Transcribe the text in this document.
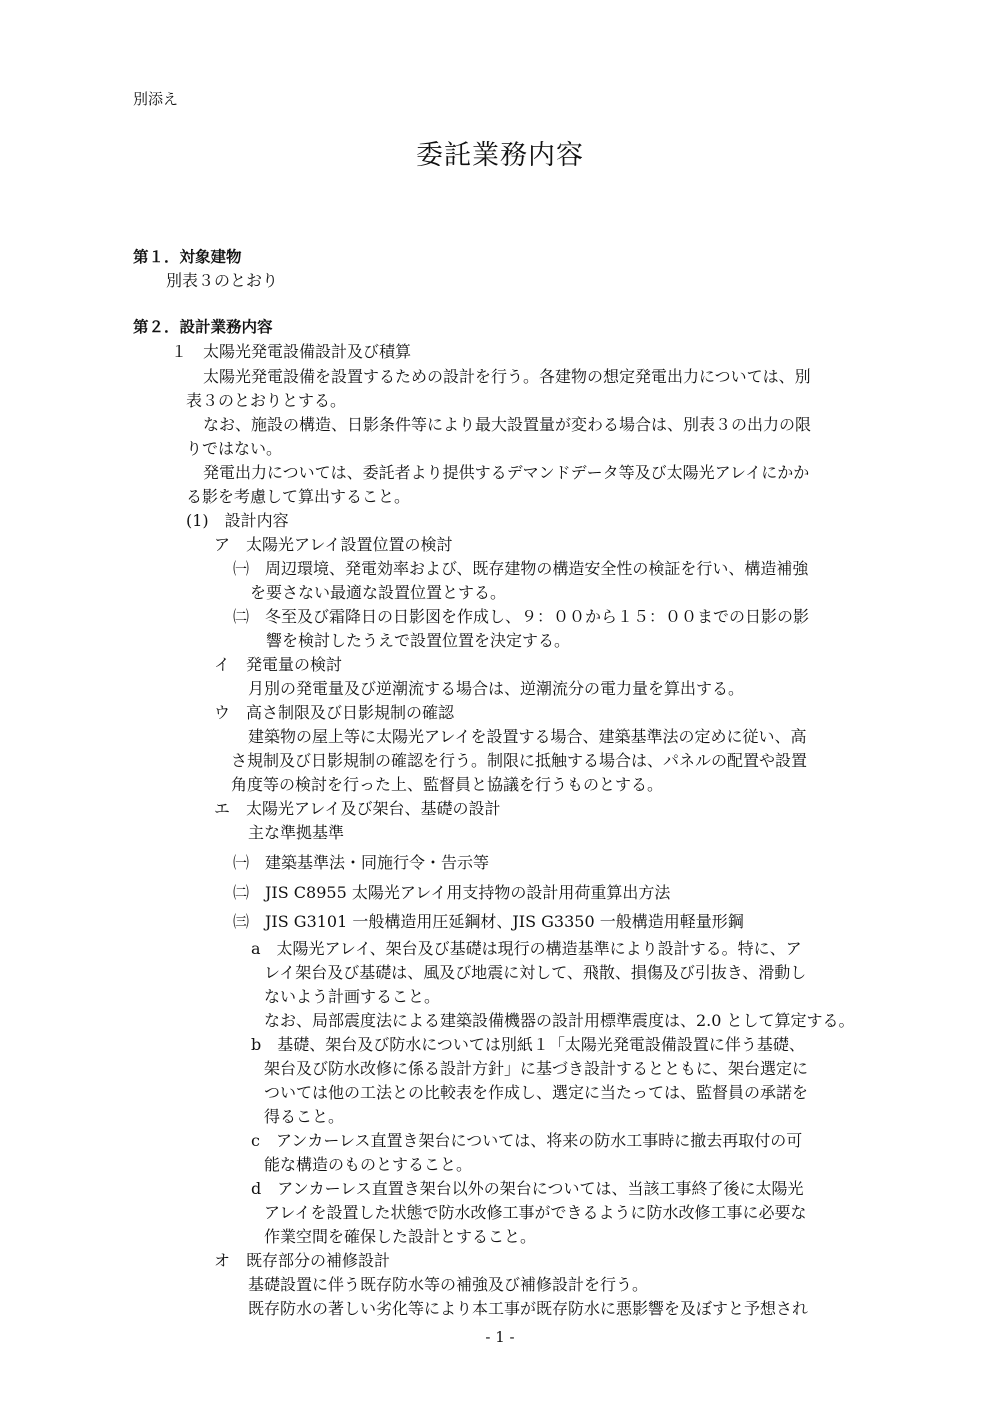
別添え
委託業務内容
第１．対象建物
別表３のとおり
第２．設計業務内容
１　太陽光発電設備設計及び積算
太陽光発電設備を設置するための設計を行う。各建物の想定発電出力については、別
表３のとおりとする。
なお、施設の構造、日影条件等により最大設置量が変わる場合は、別表３の出力の限
りではない。
発電出力については、委託者より提供するデマンドデータ等及び太陽光アレイにかか
る影を考慮して算出すること。
(1)　設計内容
ア　太陽光アレイ設置位置の検討
㈠　周辺環境、発電効率および、既存建物の構造安全性の検証を行い、構造補強
を要さない最適な設置位置とする。
㈡　冬至及び霜降日の日影図を作成し、９：００から１５：００までの日影の影
響を検討したうえで設置位置を決定する。
イ　発電量の検討
月別の発電量及び逆潮流する場合は、逆潮流分の電力量を算出する。
ウ　高さ制限及び日影規制の確認
建築物の屋上等に太陽光アレイを設置する場合、建築基準法の定めに従い、高
さ規制及び日影規制の確認を行う。制限に抵触する場合は、パネルの配置や設置
角度等の検討を行った上、監督員と協議を行うものとする。
エ　太陽光アレイ及び架台、基礎の設計
主な準拠基準
㈠　建築基準法・同施行令・告示等
㈡　JIS C8955 太陽光アレイ用支持物の設計用荷重算出方法
㈢　JIS G3101 一般構造用圧延鋼材、JIS G3350 一般構造用軽量形鋼
a　太陽光アレイ、架台及び基礎は現行の構造基準により設計する。特に、ア
レイ架台及び基礎は、風及び地震に対して、飛散、損傷及び引抜き、滑動し
ないよう計画すること。
なお、局部震度法による建築設備機器の設計用標準震度は、2.0 として算定する。
b　基礎、架台及び防水については別紙１「太陽光発電設備設置に伴う基礎、
架台及び防水改修に係る設計方針」に基づき設計するとともに、架台選定に
ついては他の工法との比較表を作成し、選定に当たっては、監督員の承諾を
得ること。
c　アンカーレス直置き架台については、将来の防水工事時に撤去再取付の可
能な構造のものとすること。
d　アンカーレス直置き架台以外の架台については、当該工事終了後に太陽光
アレイを設置した状態で防水改修工事ができるように防水改修工事に必要な
作業空間を確保した設計とすること。
オ　既存部分の補修設計
基礎設置に伴う既存防水等の補強及び補修設計を行う。
既存防水の著しい劣化等により本工事が既存防水に悪影響を及ぼすと予想され
- 1 -
